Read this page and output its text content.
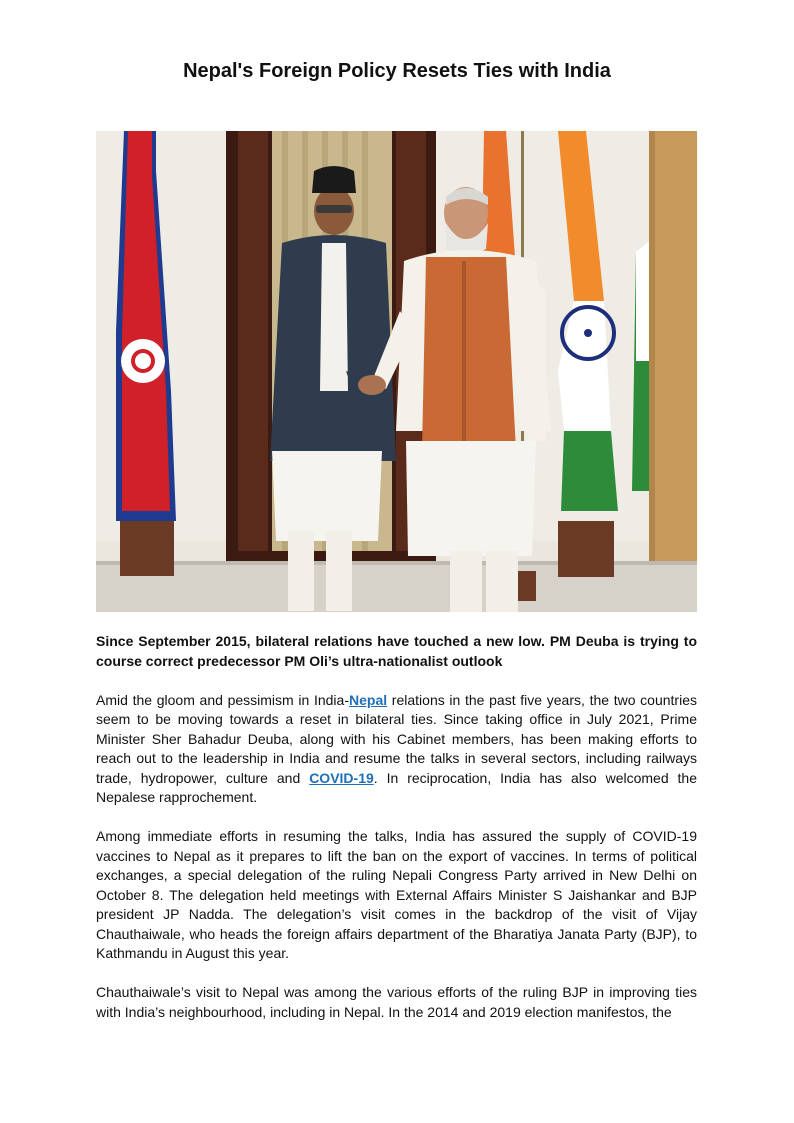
Nepal's Foreign Policy Resets Ties with India

Since September 2015, bilateral relations have touched a new low. PM Deuba is trying to course correct predecessor PM Oli’s ultra-nationalist outlook

Amid the gloom and pessimism in India-Nepal relations in the past five years, the two countries seem to be moving towards a reset in bilateral ties. Since taking office in July 2021, Prime Minister Sher Bahadur Deuba, along with his Cabinet members, has been making efforts to reach out to the leadership in India and resume the talks in several sectors, including railways trade, hydropower, culture and COVID-19. In reciprocation, India has also welcomed the Nepalese rapprochement.

Among immediate efforts in resuming the talks, India has assured the supply of COVID-19 vaccines to Nepal as it prepares to lift the ban on the export of vaccines. In terms of political exchanges, a special delegation of the ruling Nepali Congress Party arrived in New Delhi on October 8. The delegation held meetings with External Affairs Minister S Jaishankar and BJP president JP Nadda. The delegation’s visit comes in the backdrop of the visit of Vijay Chauthaiwale, who heads the foreign affairs department of the Bharatiya Janata Party (BJP), to Kathmandu in August this year.

Chauthaiwale’s visit to Nepal was among the various efforts of the ruling BJP in improving ties with India’s neighbourhood, including in Nepal. In the 2014 and 2019 election manifestos, the
